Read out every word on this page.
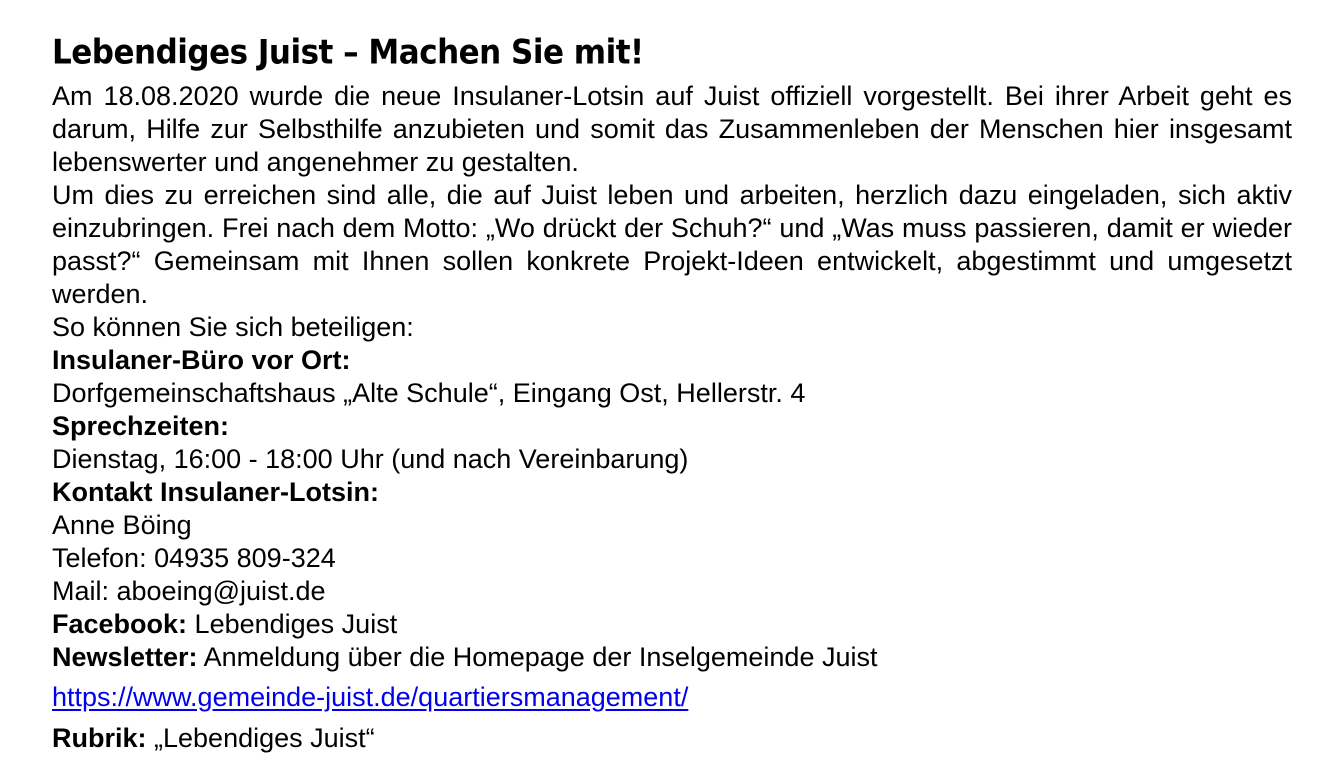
Lebendiges Juist – Machen Sie mit!

Am 18.08.2020 wurde die neue Insulaner-Lotsin auf Juist offiziell vorgestellt. Bei ihrer Arbeit geht es darum, Hilfe zur Selbsthilfe anzubieten und somit das Zusammenleben der Menschen hier insgesamt lebenswerter und angenehmer zu gestalten.

Um dies zu erreichen sind alle, die auf Juist leben und arbeiten, herzlich dazu eingeladen, sich aktiv einzubringen. Frei nach dem Motto: „Wo drückt der Schuh?“ und „Was muss passieren, damit er wieder passt?“ Gemeinsam mit Ihnen sollen konkrete Projekt-Ideen entwickelt, abgestimmt und umgesetzt werden.

So können Sie sich beteiligen:
Insulaner-Büro vor Ort:
Dorfgemeinschaftshaus „Alte Schule“, Eingang Ost, Hellerstr. 4
Sprechzeiten:
Dienstag, 16:00 - 18:00 Uhr (und nach Vereinbarung)
Kontakt Insulaner-Lotsin:
Anne Böing
Telefon: 04935 809-324
Mail: aboeing@juist.de
Facebook: Lebendiges Juist
Newsletter: Anmeldung über die Homepage der Inselgemeinde Juist
https://www.gemeinde-juist.de/quartiersmanagement/
Rubrik: „Lebendiges Juist“
